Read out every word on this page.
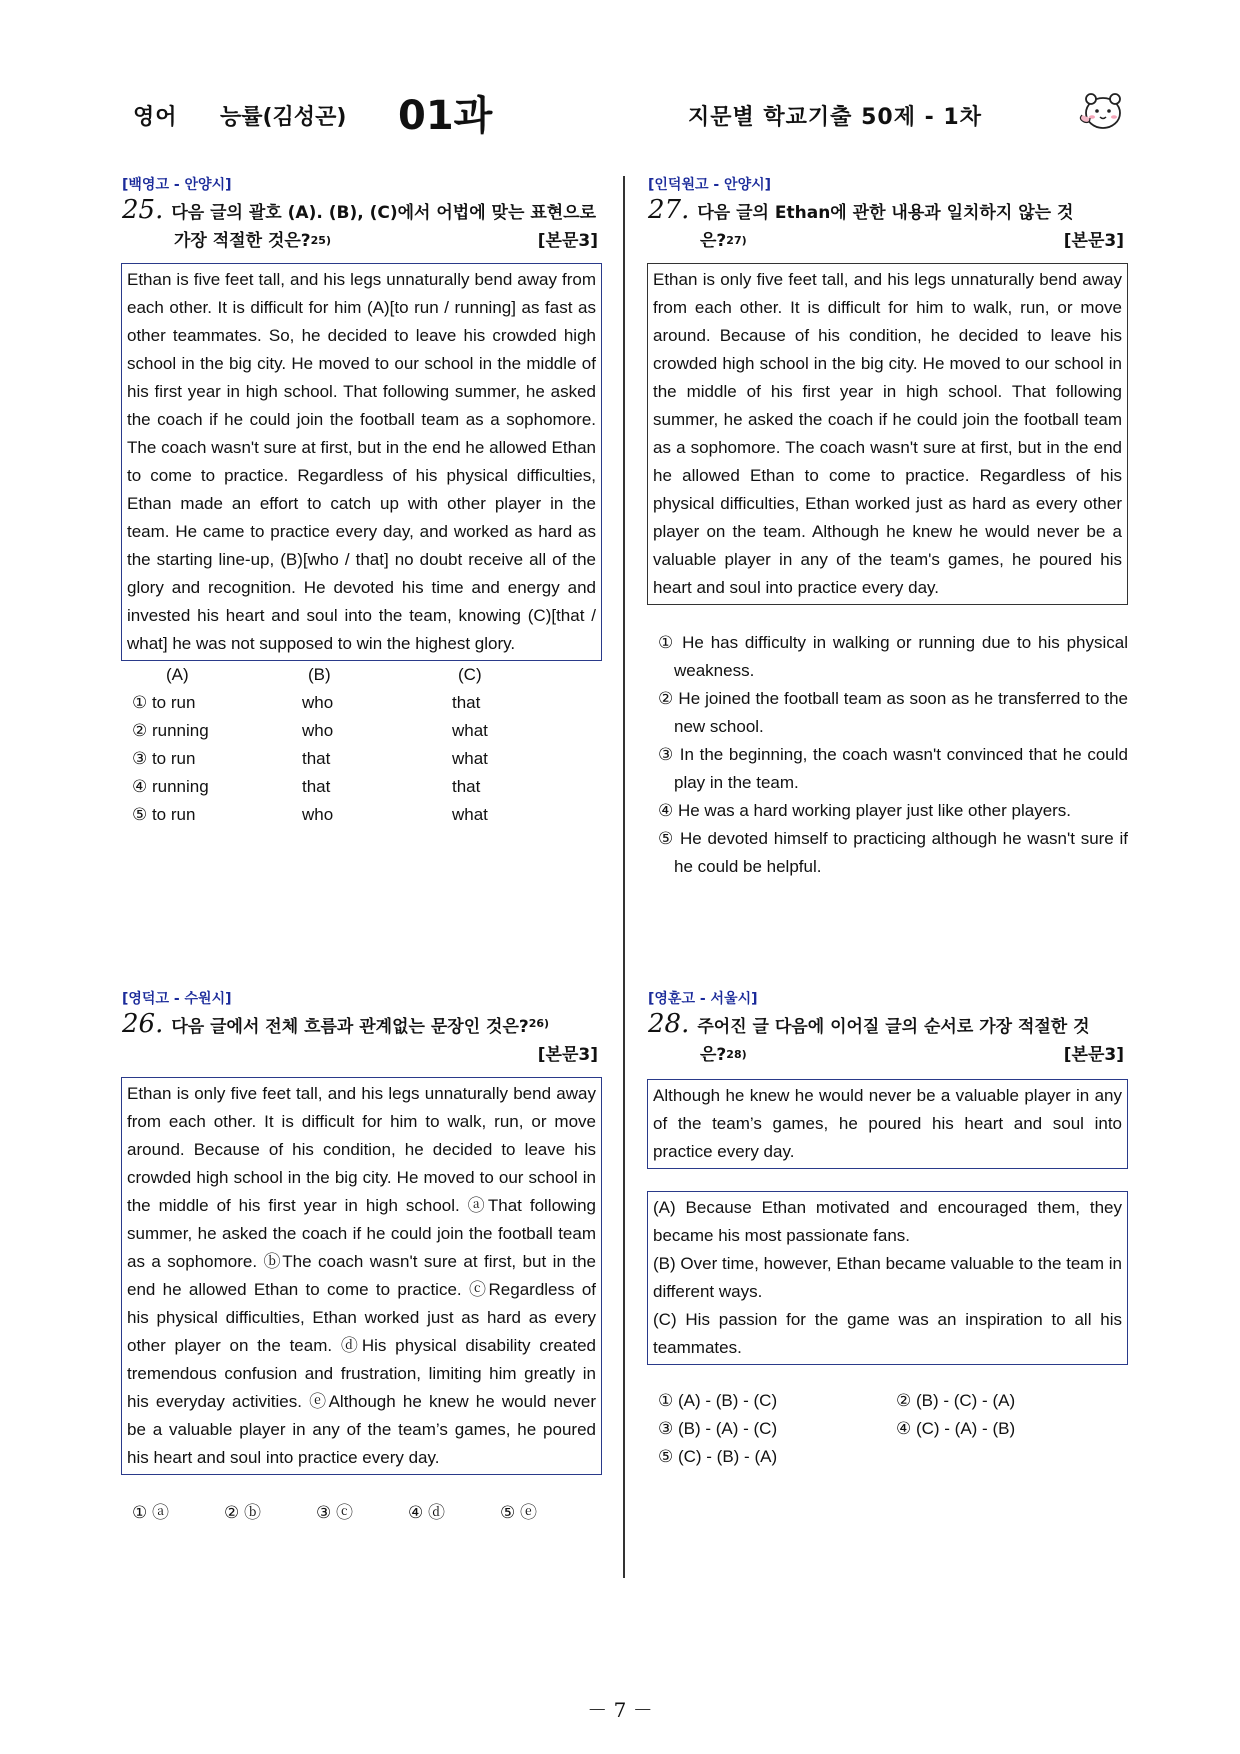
영어 능률(김성곤) 01과	지문별 학교기출 50제 - 1차
[백영고 - 안양시]
25. 다음 글의 괄호 (A). (B), (C)에서 어법에 맞는 표현으로
가장 적절한 것은?$^{25)}$	[본문3]
Ethan is five feet tall, and his legs unnaturally bend away from each other. It is difficult for him (A)[to run / running] as fast as other teammates. So, he decided to leave his crowded high school in the big city. He moved to our school in the middle of his first year in high school. That following summer, he asked the coach if he could join the football team as a sophomore. The coach wasn't sure at first, but in the end he allowed Ethan to come to practice. Regardless of his physical difficulties, Ethan made an effort to catch up with other player in the team. He came to practice every day, and worked as hard as the starting line-up, (B)[who / that] no doubt receive all of the glory and recognition. He devoted his time and energy and invested his heart and soul into the team, knowing (C)[that / what] he was not supposed to win the highest glory.
(A)	(B)	(C)
① to run	who	that
② running	who	what
③ to run	that	what
④ running	that	that
⑤ to run	who	what
[영덕고 - 수원시]
26. 다음 글에서 전체 흐름과 관계없는 문장인 것은?$^{26)}$
[본문3]
Ethan is only five feet tall, and his legs unnaturally bend away from each other. It is difficult for him to walk, run, or move around. Because of his condition, he decided to leave his crowded high school in the big city. He moved to our school in the middle of his first year in high school. ⓐThat following summer, he asked the coach if he could join the football team as a sophomore. ⓑThe coach wasn't sure at first, but in the end he allowed Ethan to come to practice. ⓒRegardless of his physical difficulties, Ethan worked just as hard as every other player on the team. ⓓHis physical disability created tremendous confusion and frustration, limiting him greatly in his everyday activities. ⓔAlthough he knew he would never be a valuable player in any of the team’s games, he poured his heart and soul into practice every day.
① ⓐ	② ⓑ	③ ⓒ	④ ⓓ	⑤ ⓔ
[인덕원고 - 안양시]
27. 다음 글의 Ethan에 관한 내용과 일치하지 않는 것
은?$^{27)}$	[본문3]
Ethan is only five feet tall, and his legs unnaturally bend away from each other. It is difficult for him to walk, run, or move around. Because of his condition, he decided to leave his crowded high school in the big city. He moved to our school in the middle of his first year in high school. That following summer, he asked the coach if he could join the football team as a sophomore. The coach wasn't sure at first, but in the end he allowed Ethan to come to practice. Regardless of his physical difficulties, Ethan worked just as hard as every other player on the team. Although he knew he would never be a valuable player in any of the team's games, he poured his heart and soul into practice every day.
① He has difficulty in walking or running due to his physical weakness.
② He joined the football team as soon as he transferred to the new school.
③ In the beginning, the coach wasn't convinced that he could play in the team.
④ He was a hard working player just like other players.
⑤ He devoted himself to practicing although he wasn't sure if he could be helpful.
[영훈고 - 서울시]
28. 주어진 글 다음에 이어질 글의 순서로 가장 적절한 것
은?$^{28)}$	[본문3]
Although he knew he would never be a valuable player in any of the team’s games, he poured his heart and soul into practice every day.
(A) Because Ethan motivated and encouraged them, they became his most passionate fans.
(B) Over time, however, Ethan became valuable to the team in different ways.
(C) His passion for the game was an inspiration to all his teammates.
① (A) - (B) - (C)	② (B) - (C) - (A)
③ (B) - (A) - (C)	④ (C) - (A) - (B)
⑤ (C) - (B) - (A)
－ 7 －
